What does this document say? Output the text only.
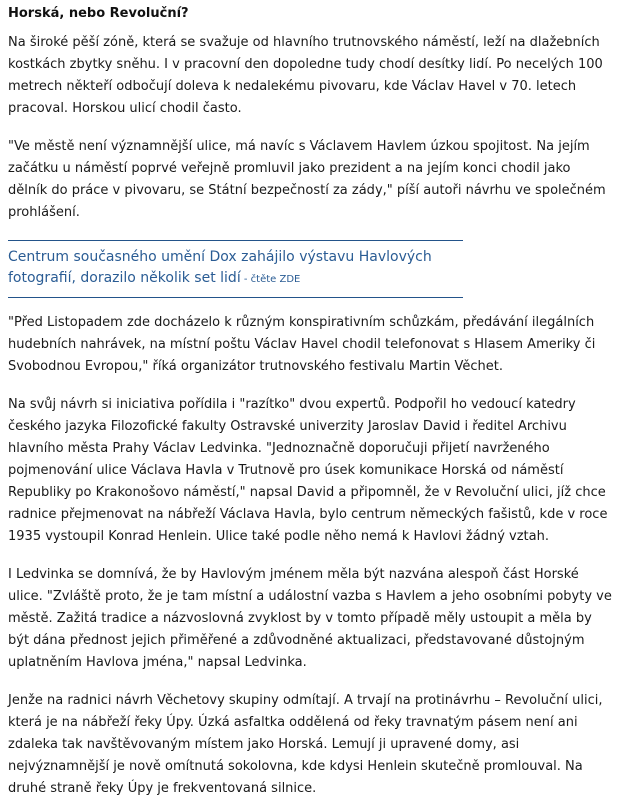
Horská, nebo Revoluční?

Na široké pěší zóně, která se svažuje od hlavního trutnovského náměstí, leží na dlažebních kostkách zbytky sněhu. I v pracovní den dopoledne tudy chodí desítky lidí. Po necelých 100 metrech někteří odbočují doleva k nedalekému pivovaru, kde Václav Havel v 70. letech pracoval. Horskou ulicí chodil často.

"Ve městě není významnější ulice, má navíc s Václavem Havlem úzkou spojitost. Na jejím začátku u náměstí poprvé veřejně promluvil jako prezident a na jejím konci chodil jako dělník do práce v pivovaru, se Státní bezpečností za zády," píší autoři návrhu ve společném prohlášení.

Centrum současného umění Dox zahájilo výstavu Havlových fotografií, dorazilo několik set lidí - čtěte ZDE

"Před Listopadem zde docházelo k různým konspirativním schůzkám, předávání ilegálních hudebních nahrávek, na místní poštu Václav Havel chodil telefonovat s Hlasem Ameriky či Svobodnou Evropou," říká organizátor trutnovského festivalu Martin Věchet.

Na svůj návrh si iniciativa pořídila i "razítko" dvou expertů. Podpořil ho vedoucí katedry českého jazyka Filozofické fakulty Ostravské univerzity Jaroslav David i ředitel Archivu hlavního města Prahy Václav Ledvinka. "Jednoznačně doporučuji přijetí navrženého pojmenování ulice Václava Havla v Trutnově pro úsek komunikace Horská od náměstí Republiky po Krakonošovo náměstí," napsal David a připomněl, že v Revoluční ulici, jíž chce radnice přejmenovat na nábřeží Václava Havla, bylo centrum německých fašistů, kde v roce 1935 vystoupil Konrad Henlein. Ulice také podle něho nemá k Havlovi žádný vztah.

I Ledvinka se domnívá, že by Havlovým jménem měla být nazvána alespoň část Horské ulice. "Zvláště proto, že je tam místní a událostní vazba s Havlem a jeho osobními pobyty ve městě. Zažitá tradice a názvoslovná zvyklost by v tomto případě měly ustoupit a měla by být dána přednost jejich přiměřené a zdůvodněné aktualizaci, představované důstojným uplatněním Havlova jména," napsal Ledvinka.

Jenže na radnici návrh Věchetovy skupiny odmítají. A trvají na protinávrhu – Revoluční ulici, která je na nábřeží řeky Úpy. Úzká asfaltka oddělená od řeky travnatým pásem není ani zdaleka tak navštěvovaným místem jako Horská. Lemují ji upravené domy, asi nejvýznamnější je nově omítnutá sokolovna, kde kdysi Henlein skutečně promlouval. Na druhé straně řeky Úpy je frekventovaná silnice.
